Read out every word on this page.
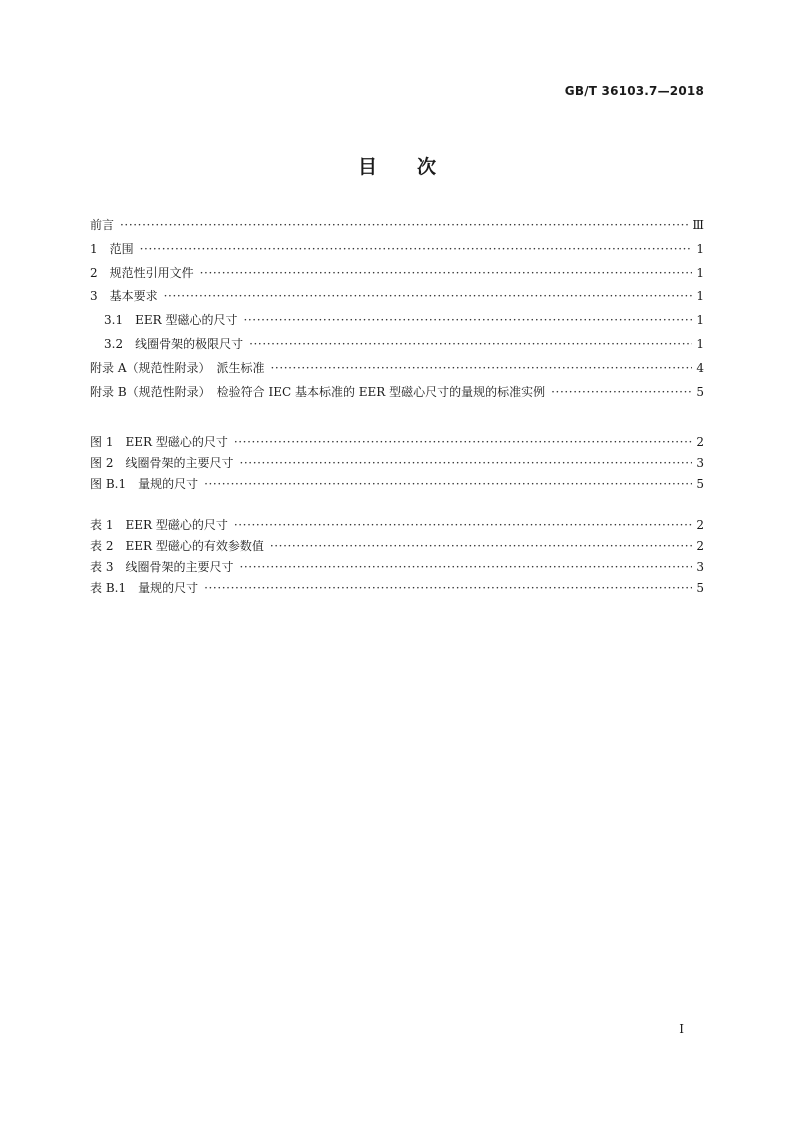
GB/T 36103.7—2018
目次
前言 ·····	Ⅲ
1　范围 ·····	1
2　规范性引用文件 ·····	1
3　基本要求 ·····	1
3.1　EER 型磁心的尺寸 ·····	1
3.2　线圈骨架的极限尺寸 ·····	1
附录 A（规范性附录）　派生标准 ·····	4
附录 B（规范性附录）　检验符合 IEC 基本标准的 EER 型磁心尺寸的量规的标准实例 ·····	5
图 1　EER 型磁心的尺寸 ·····	2
图 2　线圈骨架的主要尺寸 ·····	3
图 B.1　量规的尺寸 ·····	5
表 1　EER 型磁心的尺寸 ·····	2
表 2　EER 型磁心的有效参数值 ·····	2
表 3　线圈骨架的主要尺寸 ·····	3
表 B.1　量规的尺寸 ·····	5
I
